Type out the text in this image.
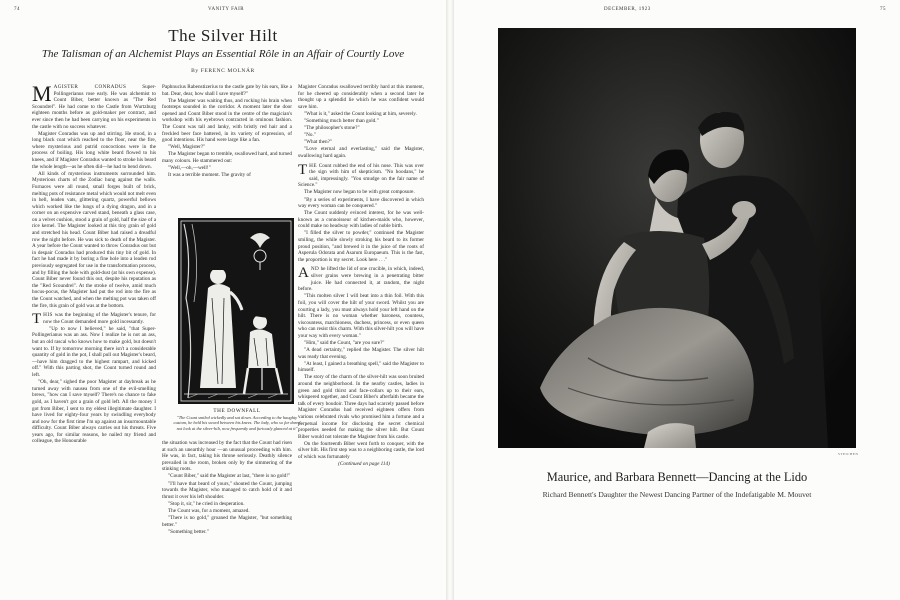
74	VANITY FAIR
The Silver Hilt
The Talisman of an Alchemist Plays an Essential Rôle in an Affair of Courtly Love
By FERENC MOLNÁR

MAGISTER CONRADUS	Super-Pollingerianus rose early. He was alchemist to Count Biber, better known as "The Red Scoundrel". He had come to the Castle from Wurtzburg eighteen months before as gold-maker per contract, and ever since then he had been carrying on his experiments in the castle with no success whatever.

Magister Conradus was up and stirring. He stood, in a long black coat which reached to the floor, near the fire, where mysterious and putrid concoctions were in the process of boiling. His long white beard flowed to his knees, and if Magister Conradus wanted to stroke his beard the whole length—as he often did—he had to bend down.

All kinds of mysterious instruments surrounded him. Mysterious charts of the Zodiac hung against the walls. Furnaces were all round, small forges built of brick, melting pots of resistance metal which would not melt even in hell, leaden vats, glittering quartz, powerful bellows which worked like the lungs of a dying dragon, and in a corner on an expensive carved stand, beneath a glass case, on a velvet cushion, stood a grain of gold, half the size of a rice kernel. The Magister looked at this tiny grain of gold and stretched his head. Count Biber had raised a dreadful row the night before. He was sick to death of the Magister. A year before the Count wanted to throw Conradus out but in despair Conradus had produced this tiny bit of gold. In fact he had made it by boring a fine hole into a leaden rod previously segregated for use in the transformation process, and by filling the hole with gold-dust (at his own expense). Count Biber never found this out, despite his reputation as the "Red Scoundrel". At the stroke of twelve, amid much hocus-pocus, the Magister had put the rod into the fire as the Count watched, and when the melting pot was taken off the fire, this grain of gold was at the bottom.

THIS was the beginning of the Magister's tenure, for now the Count demanded more gold incessantly.

"Up to now I believed," he said, "that Super-Pollingerianus was an ass. Now I realize he is not an ass, but an old rascal who knows how to make gold, but doesn't want to. If by tomorrow morning there isn't a considerable quantity of gold in the pot, I shall pull out Magister's beard,—have him dragged to the highest rampart, and kicked off." With this parting shot, the Count turned round and left.

"Oh, dear," sighed the poor Magister at daybreak as he turned away with nausea from one of the evil-smelling brews, "how can I save myself? There's no chance to fake gold, as I haven't got a grain of gold left. All the money I got from Biber, I sent to my eldest illegitimate daughter. I have lived for eighty-four years by swindling everybody and now for the first time I'm up against an insurmountable difficulty. Count Biber always carries out his threats. Five years ago, for similar reasons, he nailed my friend and colleague, the Honourable

Paphnucius Rabenstizerius to the castle gate by his ears, like a bat. Dear, dear, how shall I save myself?"

The Magister was waiting thus, and rocking his brain when footsteps sounded in the corridor. A moment later the door opened and Count Biber stood in the centre of the magician's workshop with his eyebrows contracted in ominous fashion. The Count was tall and lanky, with bristly red hair and a freckled beer face battered, in its variety of expression, of good intentions. His hand were large like a fan.

"Well, Magister?"

The Magister began to tremble, swallowed hard, and turned many colours. He stammered out:

"Well,—oh,—well!"

It was a terrible moment. The gravity of

THE DOWNFALL
"The Count smiled wickedly and sat down. According to the haughty custom, he held his sword between his knees. The lady, who so far dared not look at the silver-hilt, now frequently and furiously glanced at it"

the situation was increased by the fact that the Count had risen at such an unearthly hour —an unusual proceeding with him. He was, in fact, taking his throne seriously. Deathly silence prevailed in the room, broken only by the simmering of the stinking roots.

"Count Biber," said the Magister at last, "there is no gold!"

"I'll have that beard of yours," shouted the Count, jumping towards the Magister, who managed to catch hold of it and thrust it over his left shoulder.

"Stop it, sir," he cried in desperation.

The Count was, for a moment, amazed.

"There is no gold," groaned the Magister, "but something better."

"Something better."

Magister Conradus swallowed terribly hard at this moment, for he cheered up considerably when a second later he thought up a splendid lie which he was confident would save him.

"What is it," asked the Count looking at him, severely.

"Something much better than gold."

"The philosopher's stone?"

"No."

"What then?"

"Love eternal and everlasting," said the Magister, swallowing hard again.

THE Count rubbed the end of his nose. This was over the sign with him of skepticism. "No hoodans," he said, impressingly. "You smudge on the fair name of Science."

The Magister now began to be with great composure.

"By a series of experiments, I have discovered in which way every woman can be conquered."

The Count suddenly evinced interest, for he was well-known as a connoisseur of kitchen-maids who, however, could make no headway with ladies of noble birth.

"I filled the silver to powder," continued the Magister smiling, the while slowly stroking his beard to its former proud position, "and brewed it in the juice of the roots of Asperula Odorata and Asarum Europaeum. This is the fast, the proportion is my secret. Look here . . ."

AND he lifted the lid of one crucible, in which, indeed, silver grains were brewing in a penetrating bitter juice. He had connected it, at random, the night before.

"This molten silver I will beat into a thin foil. With this foil, you will cover the hilt of your sword. Whilst you are courting a lady, you must always hold your left hand on the hilt. There is no woman whether baroness, countess, viscountess, marchioness, duchess, princess, or even queen who can resist this charm. With this silver-hilt you will have your way with every woman."

"Him," said the Count, "are you sure?"

"A dead certainty," replied the Magister. The silver hilt was ready that evening.

"At least, I gained a breathing spell," said the Magister to himself.

The story of the charm of the silver-hilt was soon bruited around the neighborhood. In the nearby castles, ladies in green and gold thirst and face-collars up to their ears, whispered together, and Count Biber's afterfaith became the talk of every boudoir. Three days had scarcely passed before Magister Conradus had received eighteen offers from various celebrated rivals who promised him a fortune and a perpetual income for disclosing the secret chemical properties needed for making the silver hilt. But Count Biber would not tolerate the Magister from his castle.

On the fourteenth Biber went forth to conquer, with the silver hilt. His first step was to a neighboring castle, the lord of which was fortunately

(Continued on page 114)

DECEMBER, 1923	75
STEICHEN
Maurice, and Barbara Bennett—Dancing at the Lido
Richard Bennett's Daughter the Newest Dancing Partner of the Indefatigable M. Mouvet
